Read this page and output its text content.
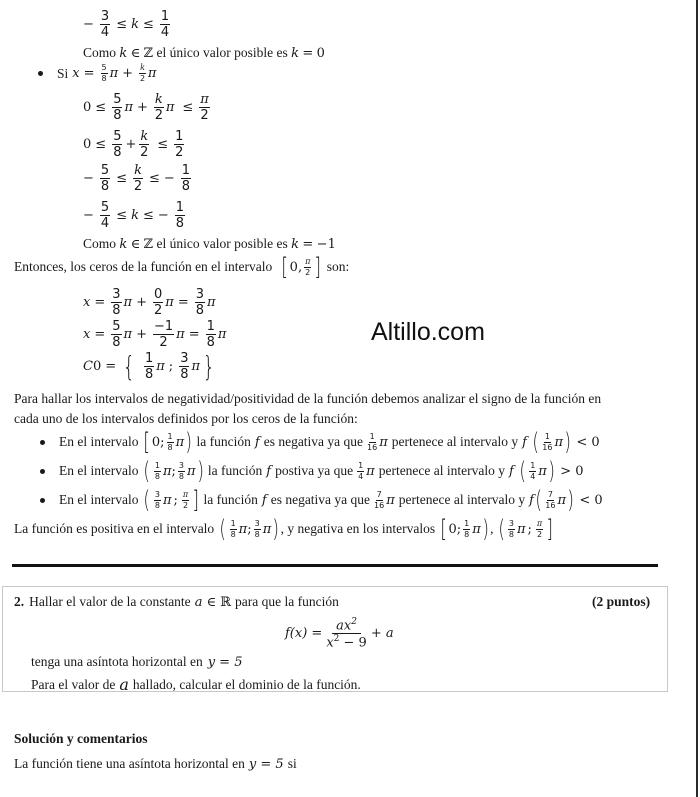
− $\frac{3}{4} \le k \le \frac{1}{4}$
Como k ∈ ℤ el único valor posible es k = 0
Si $x = \frac{5}{8}$ $\pi + \frac{k}{2}$ π
$0 \le \frac{5}{8}$ $\pi + \frac{k}{2}$ $\pi \le \frac{\pi}{2}$
$0 \le \frac{5}{8} + \frac{k}{2} \le \frac{1}{2}$
− $\frac{5}{8} \le \frac{k}{2}$ ≤ − $\frac{1}{8}$
− $\frac{5}{4} \le k$ ≤ − $\frac{1}{8}$
Como k ∈ ℤ el único valor posible es k = −1
Entonces, los ceros de la función en el intervalo [ 0, $\frac{\pi}{2}$ ] son:
$x = \frac{3}{8}$ $\pi + \frac{0}{2}$ $\pi = \frac{3}{8}$ π
$x = \frac{5}{8}$ $\pi + \frac{-1}{2}$ $\pi = \frac{1}{8}$ π
C 0 = { $\frac{1}{8}$ π ; $\frac{3}{8}$ π }
Altillo.com
Para hallar los intervalos de negatividad/positividad de la función debemos analizar el signo de la función en
cada uno de los intervalos definidos por los ceros de la función:
En el intervalo [ 0; $\frac{1}{8}$ π ) la función f es negativa ya que $\frac{1}{16}$ π pertenece al intervalo y f ( $\frac{1}{16}$ π ) < 0
En el intervalo ( $\frac{1}{8}$ π ; $\frac{3}{8}$ π ) la función f postiva ya que $\frac{1}{4}$ π pertenece al intervalo y f ( $\frac{1}{4}$ π ) > 0
En el intervalo ( $\frac{3}{8}$ π ; $\frac{\pi}{2}$ ] la función f es negativa ya que $\frac{7}{16}$ π pertenece al intervalo y f ( $\frac{7}{16}$ π ) < 0
La función es positiva en el intervalo ( $\frac{1}{8}$ π ; $\frac{3}{8}$ π ) , y negativa en los intervalos [ 0; $\frac{1}{8}$ π ) , ( $\frac{3}{8}$ π ; $\frac{\pi}{2}$ ]
2. Hallar el valor de la constante a ∈ ℝ para que la función	(2 puntos)
$f(x) = \frac{ax^2}{x^2 - 9} + a$
tenga una asíntota horizontal en y = 5
Para el valor de a hallado, calcular el dominio de la función.
Solución y comentarios
La función tiene una asíntota horizontal en y = 5 si
